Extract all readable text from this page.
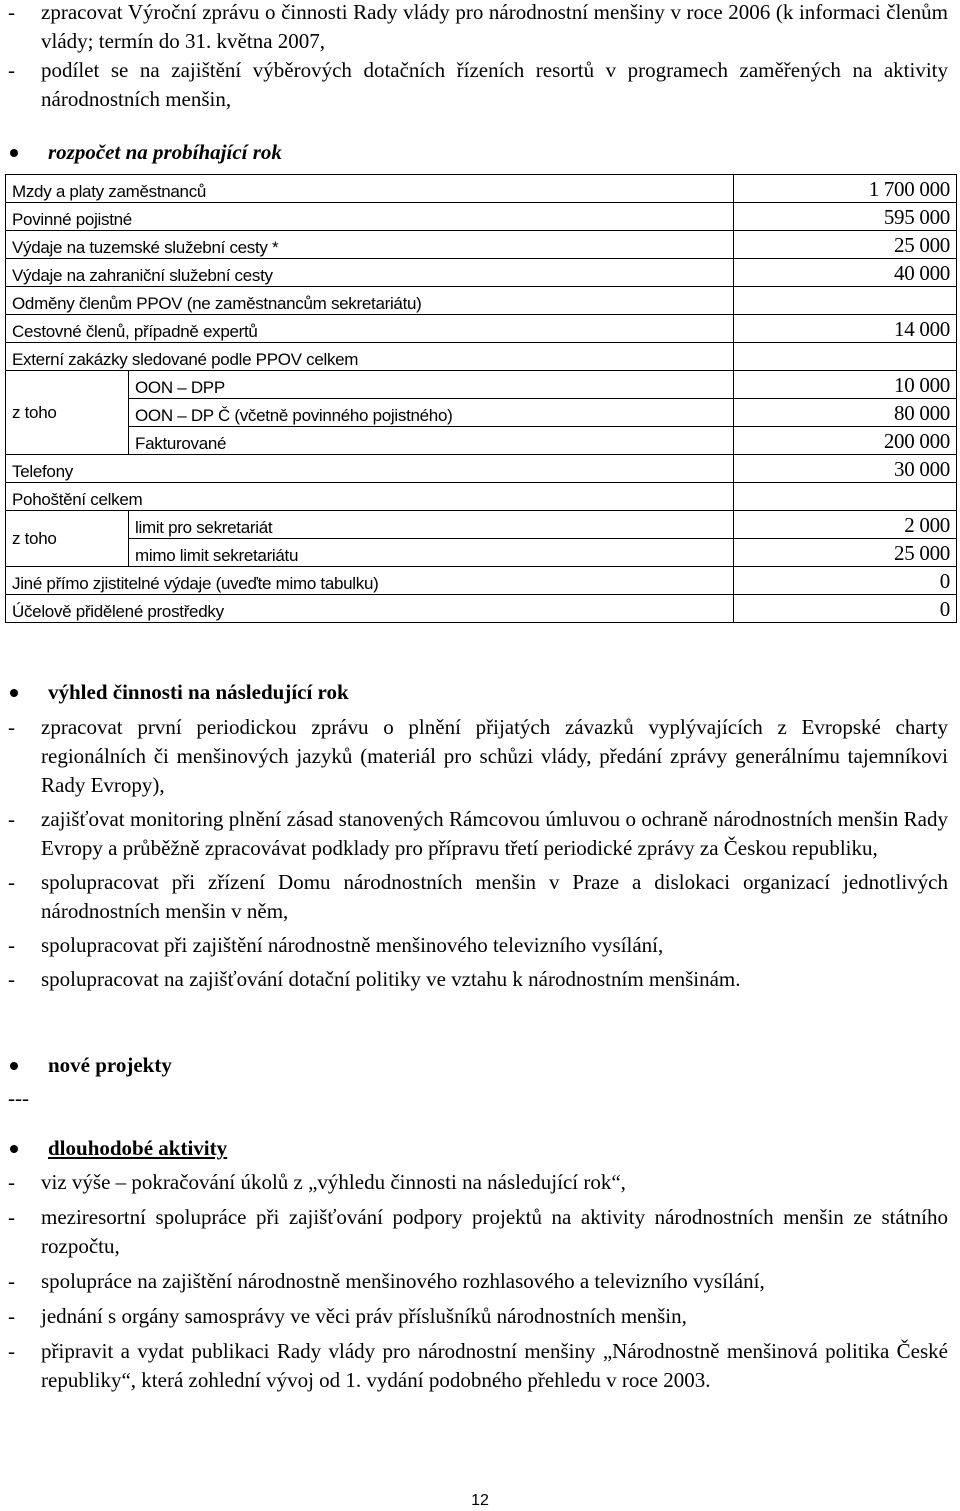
- zpracovat Výroční zprávu o činnosti Rady vlády pro národnostní menšiny v roce 2006 (k informaci členům vlády; termín do 31. května 2007,
- podílet se na zajištění výběrových dotačních řízeních resortů v programech zaměřených na aktivity národnostních menšin,
rozpočet na probíhající rok
Mzdy a platy zaměstnanců		1 700 000
Povinné pojistné		595 000
Výdaje na tuzemské služební cesty *		25 000
Výdaje na zahraniční služební cesty		40 000
Odměny členům PPOV (ne zaměstnancům sekretariátu)		
Cestovné členů, případně expertů		14 000
Externí zakázky sledované podle PPOV celkem		
z toho	OON – DPP	10 000
	OON – DP Č (včetně povinného pojistného)	80 000
	Fakturované	200 000
Telefony		30 000
Pohoštění celkem		
z toho	limit pro sekretariát	2 000
	mimo limit sekretariátu	25 000
Jiné přímo zjistitelné výdaje (uveďte mimo tabulku)		0
Účelově přidělené prostředky		0
výhled činnosti na následující rok
- zpracovat první periodickou zprávu o plnění přijatých závazků vyplývajících z Evropské charty regionálních či menšinových jazyků (materiál pro schůzi vlády, předání zprávy generálnímu tajemníkovi Rady Evropy),
- zajišťovat monitoring plnění zásad stanovených Rámcovou úmluvou o ochraně národnostních menšin Rady Evropy a průběžně zpracovávat podklady pro přípravu třetí periodické zprávy za Českou republiku,
- spolupracovat při zřízení Domu národnostních menšin v Praze a dislokaci organizací jednotlivých národnostních menšin v něm,
- spolupracovat při zajištění národnostně menšinového televizního vysílání,
- spolupracovat na zajišťování dotační politiky ve vztahu k národnostním menšinám.
nové projekty
---
dlouhodobé aktivity
- viz výše – pokračování úkolů z „výhledu činnosti na následující rok“,
- meziresortní spolupráce při zajišťování podpory projektů na aktivity národnostních menšin ze státního rozpočtu,
- spolupráce na zajištění národnostně menšinového rozhlasového a televizního vysílání,
- jednání s orgány samosprávy ve věci práv příslušníků národnostních menšin,
- připravit a vydat publikaci Rady vlády pro národnostní menšiny „Národnostně menšinová politika České republiky“, která zohlední vývoj od 1. vydání podobného přehledu v roce 2003.
12
